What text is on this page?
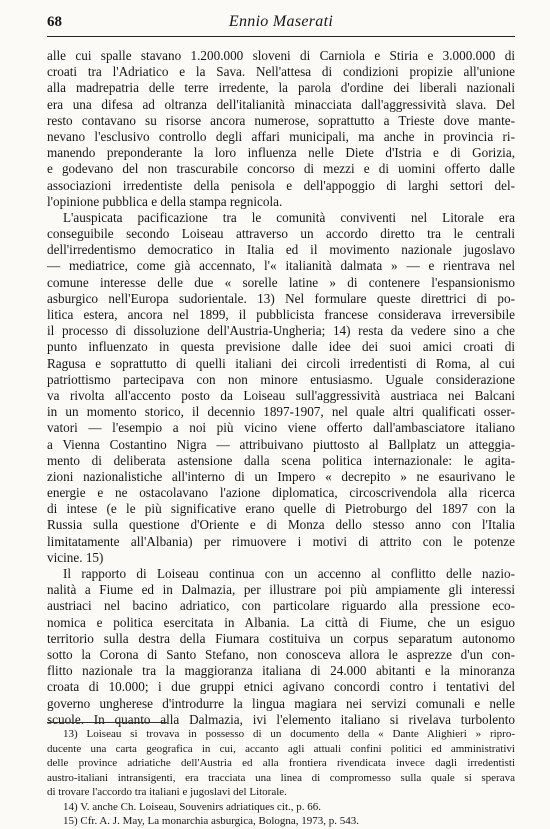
68	Ennio Maserati
alle cui spalle stavano 1.200.000 sloveni di Carniola e Stiria e 3.000.000 di
croati tra l'Adriatico e la Sava. Nell'attesa di condizioni propizie all'unione
alla madrepatria delle terre irredente, la parola d'ordine dei liberali nazionali
era una difesa ad oltranza dell'italianità minacciata dall'aggressività slava. Del
resto contavano su risorse ancora numerose, soprattutto a Trieste dove mante-
nevano l'esclusivo controllo degli affari municipali, ma anche in provincia ri-
manendo preponderante la loro influenza nelle Diete d'Istria e di Gorizia,
e godevano del non trascurabile concorso di mezzi e di uomini offerto dalle
associazioni irredentiste della penisola e dell'appoggio di larghi settori del-
l'opinione pubblica e della stampa regnicola.
L'auspicata pacificazione tra le comunità conviventi nel Litorale era
conseguibile secondo Loiseau attraverso un accordo diretto tra le centrali
dell'irredentismo democratico in Italia ed il movimento nazionale jugoslavo
— mediatrice, come già accennato, l'« italianità dalmata » — e rientrava nel
comune interesse delle due « sorelle latine » di contenere l'espansionismo
asburgico nell'Europa sudorientale. 13) Nel formulare queste direttrici di po-
litica estera, ancora nel 1899, il pubblicista francese considerava irreversibile
il processo di dissoluzione dell'Austria-Ungheria; 14) resta da vedere sino a che
punto influenzato in questa previsione dalle idee dei suoi amici croati di
Ragusa e soprattutto di quelli italiani dei circoli irredentisti di Roma, al cui
patriottismo partecipava con non minore entusiasmo. Uguale considerazione
va rivolta all'accento posto da Loiseau sull'aggressività austriaca nei Balcani
in un momento storico, il decennio 1897-1907, nel quale altri qualificati osser-
vatori — l'esempio a noi più vicino viene offerto dall'ambasciatore italiano
a Vienna Costantino Nigra — attribuivano piuttosto al Ballplatz un atteggia-
mento di deliberata astensione dalla scena politica internazionale: le agita-
zioni nazionalistiche all'interno di un Impero « decrepito » ne esaurivano le
energie e ne ostacolavano l'azione diplomatica, circoscrivendola alla ricerca
di intese (e le più significative erano quelle di Pietroburgo del 1897 con la
Russia sulla questione d'Oriente e di Monza dello stesso anno con l'Italia
limitatamente all'Albania) per rimuovere i motivi di attrito con le potenze
vicine. 15)
Il rapporto di Loiseau continua con un accenno al conflitto delle nazio-
nalità a Fiume ed in Dalmazia, per illustrare poi più ampiamente gli interessi
austriaci nel bacino adriatico, con particolare riguardo alla pressione eco-
nomica e politica esercitata in Albania. La città di Fiume, che un esiguo
territorio sulla destra della Fiumara costituiva un corpus separatum autonomo
sotto la Corona di Santo Stefano, non conosceva allora le asprezze d'un con-
flitto nazionale tra la maggioranza italiana di 24.000 abitanti e la minoranza
croata di 10.000; i due gruppi etnici agivano concordi contro i tentativi del
governo ungherese d'introdurre la lingua magiara nei servizi comunali e nelle
scuole. In quanto alla Dalmazia, ivi l'elemento italiano si rivelava turbolento
13) Loiseau si trovava in possesso di un documento della « Dante Alighieri » ripro-
ducente una carta geografica in cui, accanto agli attuali confini politici ed amministrativi
delle province adriatiche dell'Austria ed alla frontiera rivendicata invece dagli irredentisti
austro-italiani intransigenti, era tracciata una linea di compromesso sulla quale si sperava
di trovare l'accordo tra italiani e jugoslavi del Litorale.
14) V. anche Ch. Loiseau, Souvenirs adriatiques cit., p. 66.
15) Cfr. A. J. May, La monarchia asburgica, Bologna, 1973, p. 543.
